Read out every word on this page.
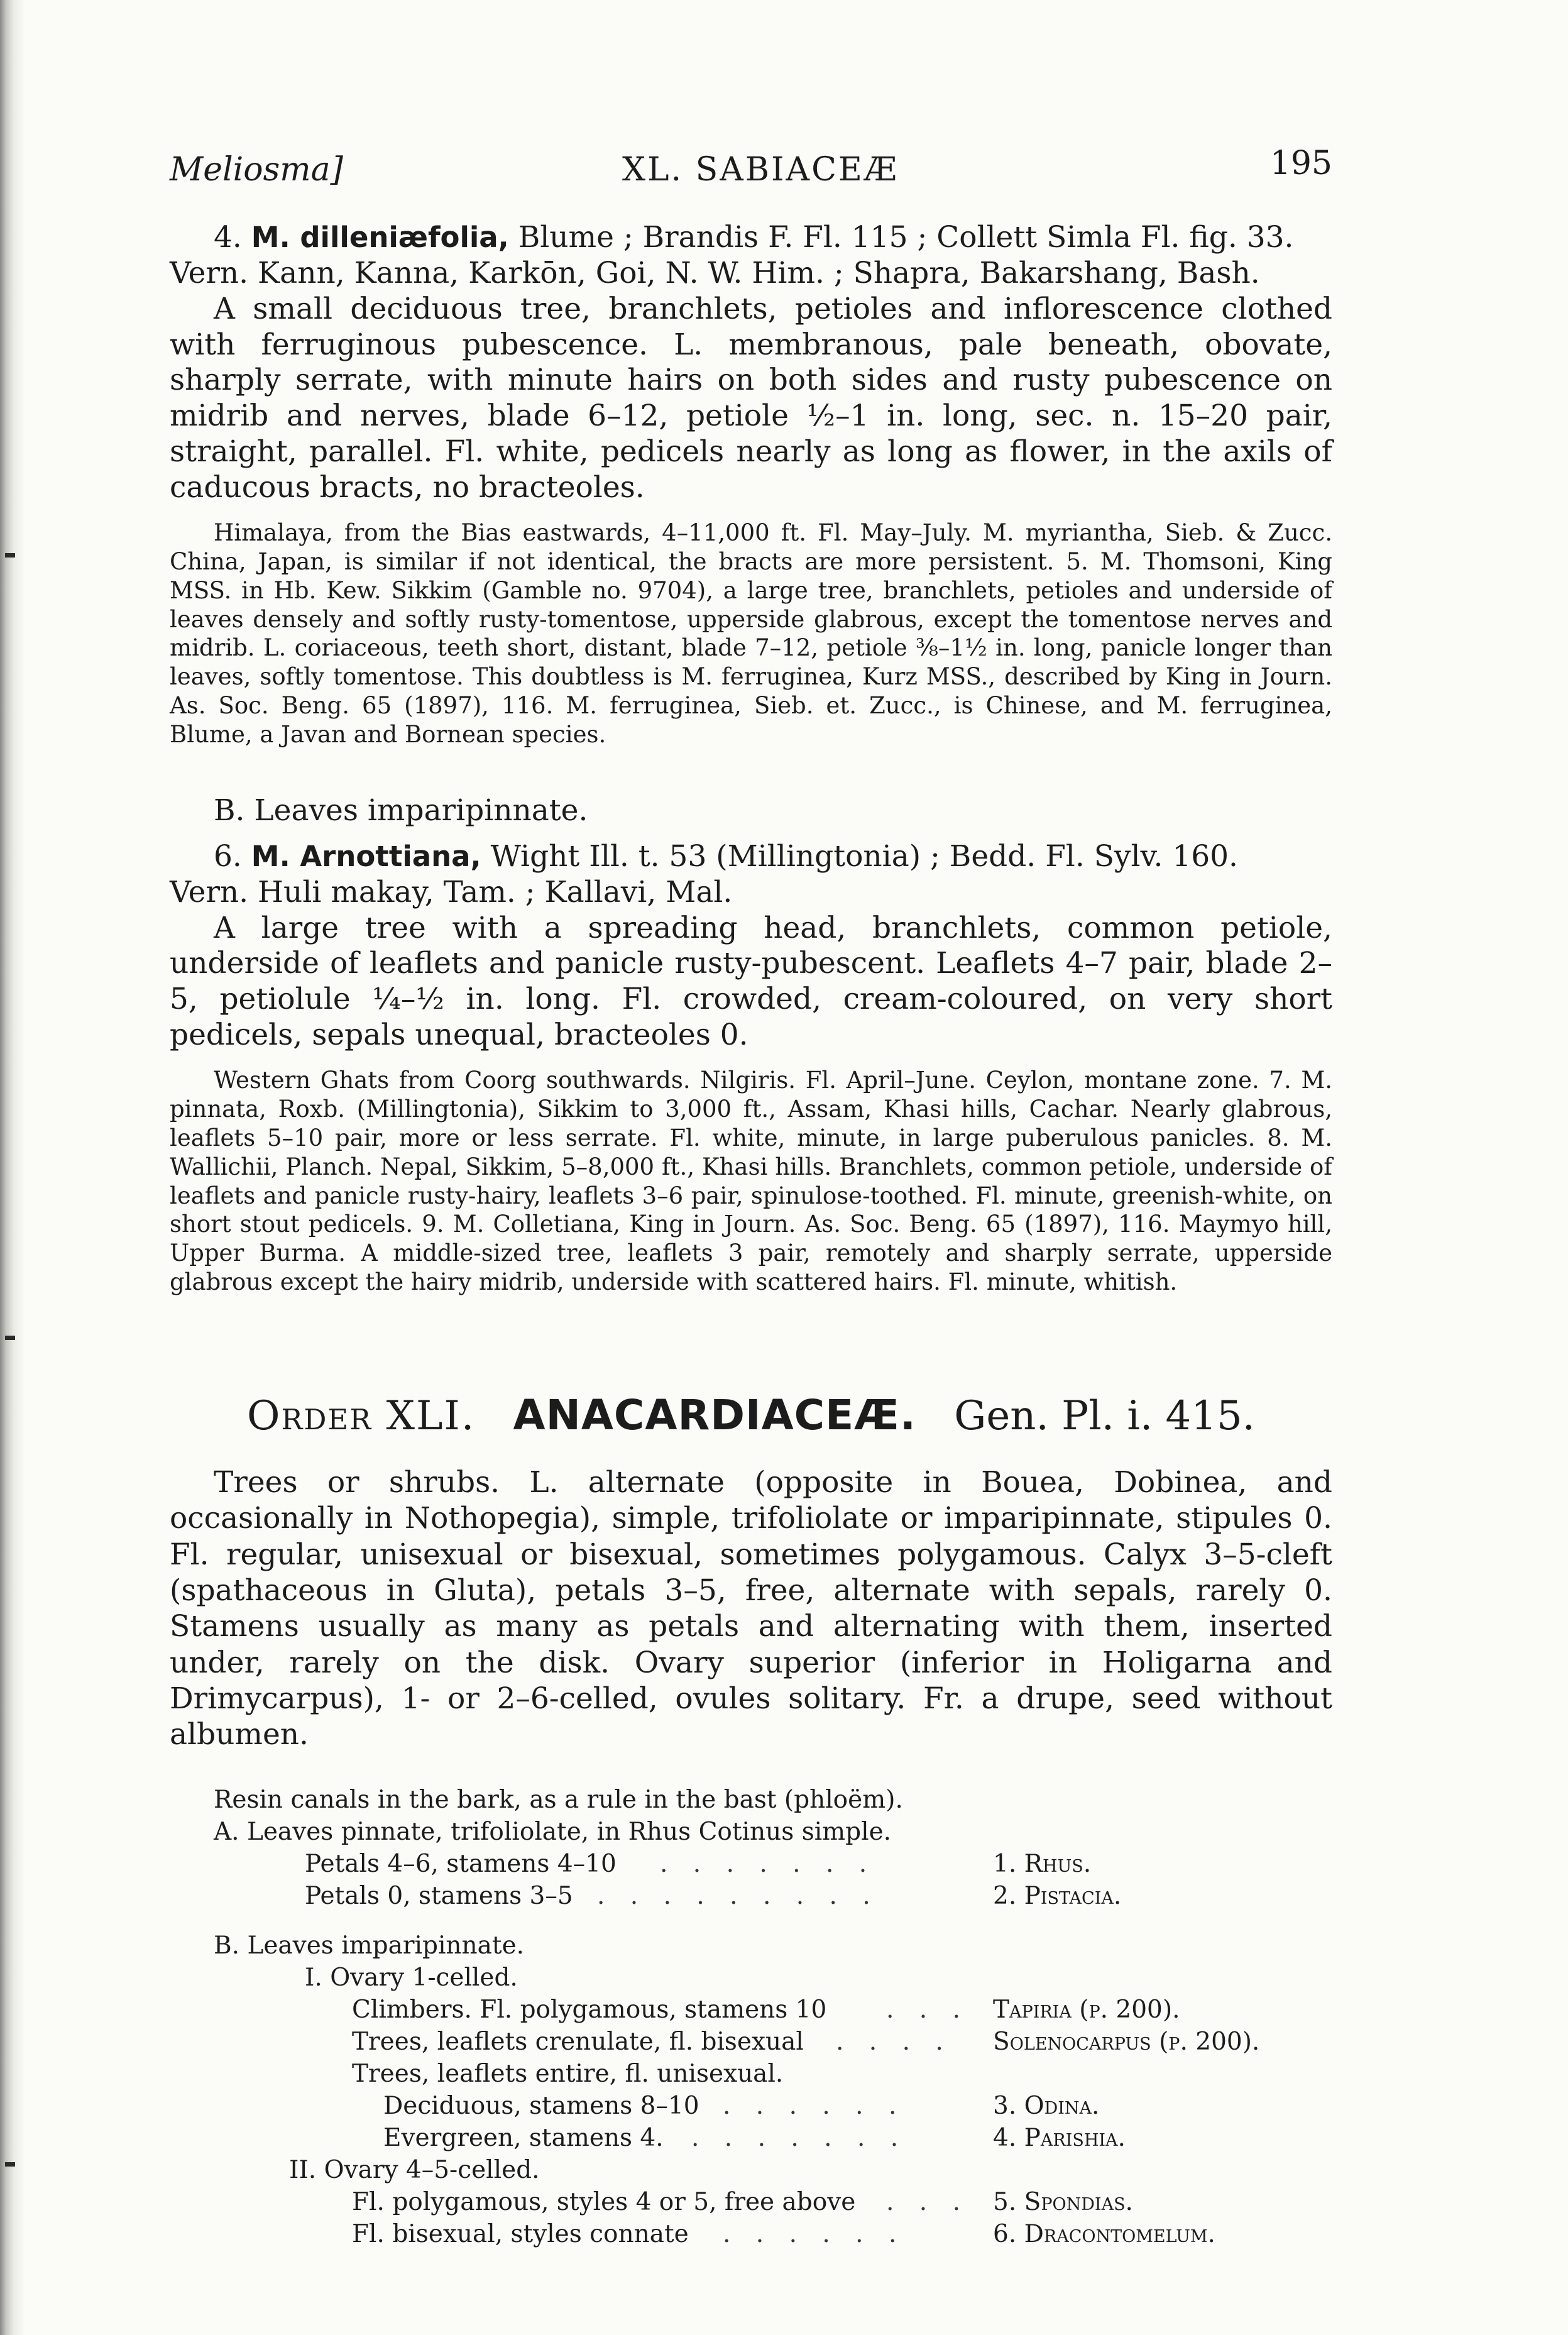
Meliosma]	XL. SABIACEÆ	195

4. M. dilleniæfolia, Blume ; Brandis F. Fl. 115 ; Collett Simla Fl. fig. 33.

Vern. Kann, Kanna, Karkōn, Goi, N. W. Him. ; Shapra, Bakarshang, Bash.

A small deciduous tree, branchlets, petioles and inflorescence clothed with ferruginous pubescence. L. membranous, pale beneath, obovate, sharply serrate, with minute hairs on both sides and rusty pubescence on midrib and nerves, blade 6–12, petiole ½–1 in. long, sec. n. 15–20 pair, straight, parallel. Fl. white, pedicels nearly as long as flower, in the axils of caducous bracts, no bracteoles.

Himalaya, from the Bias eastwards, 4–11,000 ft. Fl. May–July. M. myriantha, Sieb. & Zucc. China, Japan, is similar if not identical, the bracts are more persistent. 5. M. Thomsoni, King MSS. in Hb. Kew. Sikkim (Gamble no. 9704), a large tree, branchlets, petioles and underside of leaves densely and softly rusty-tomentose, upperside glabrous, except the tomentose nerves and midrib. L. coriaceous, teeth short, distant, blade 7–12, petiole ⅜–1½ in. long, panicle longer than leaves, softly tomentose. This doubtless is M. ferruginea, Kurz MSS., described by King in Journ. As. Soc. Beng. 65 (1897), 116. M. ferruginea, Sieb. et. Zucc., is Chinese, and M. ferruginea, Blume, a Javan and Bornean species.

B. Leaves imparipinnate.

6. M. Arnottiana, Wight Ill. t. 53 (Millingtonia) ; Bedd. Fl. Sylv. 160.

Vern. Huli makay, Tam. ; Kallavi, Mal.

A large tree with a spreading head, branchlets, common petiole, underside of leaflets and panicle rusty-pubescent. Leaflets 4–7 pair, blade 2–5, petiolule ¼–½ in. long. Fl. crowded, cream-coloured, on very short pedicels, sepals unequal, bracteoles 0.

Western Ghats from Coorg southwards. Nilgiris. Fl. April–June. Ceylon, montane zone. 7. M. pinnata, Roxb. (Millingtonia), Sikkim to 3,000 ft., Assam, Khasi hills, Cachar. Nearly glabrous, leaflets 5–10 pair, more or less serrate. Fl. white, minute, in large puberulous panicles. 8. M. Wallichii, Planch. Nepal, Sikkim, 5–8,000 ft., Khasi hills. Branchlets, common petiole, underside of leaflets and panicle rusty-hairy, leaflets 3–6 pair, spinulose-toothed. Fl. minute, greenish-white, on short stout pedicels. 9. M. Colletiana, King in Journ. As. Soc. Beng. 65 (1897), 116. Maymyo hill, Upper Burma. A middle-sized tree, leaflets 3 pair, remotely and sharply serrate, upperside glabrous except the hairy midrib, underside with scattered hairs. Fl. minute, whitish.

Order XLI. ANACARDIACEÆ. Gen. Pl. i. 415.

Trees or shrubs. L. alternate (opposite in Bouea, Dobinea, and occasionally in Nothopegia), simple, trifoliolate or imparipinnate, stipules 0. Fl. regular, unisexual or bisexual, sometimes polygamous. Calyx 3–5-cleft (spathaceous in Gluta), petals 3–5, free, alternate with sepals, rarely 0. Stamens usually as many as petals and alternating with them, inserted under, rarely on the disk. Ovary superior (inferior in Holigarna and Drimycarpus), 1- or 2–6-celled, ovules solitary. Fr. a drupe, seed without albumen.

Resin canals in the bark, as a rule in the bast (phloëm).
A. Leaves pinnate, trifoliolate, in Rhus Cotinus simple.
Petals 4–6, stamens 4–10 . . . . . . .	1. Rhus.
Petals 0, stamens 3–5 . . . . . . . . .	2. Pistacia.
B. Leaves imparipinnate.
I. Ovary 1-celled.
Climbers. Fl. polygamous, stamens 10 . . . Tapiria (p. 200).
Trees, leaflets crenulate, fl. bisexual . . . . Solenocarpus (p. 200).
Trees, leaflets entire, fl. unisexual.
Deciduous, stamens 8–10 . . . . . .	3. Odina.
Evergreen, stamens 4. . . . . . . .	4. Parishia.
II. Ovary 4–5-celled.
Fl. polygamous, styles 4 or 5, free above . . . 5. Spondias.
Fl. bisexual, styles connate . . . . . .	6. Dracontomelum.
